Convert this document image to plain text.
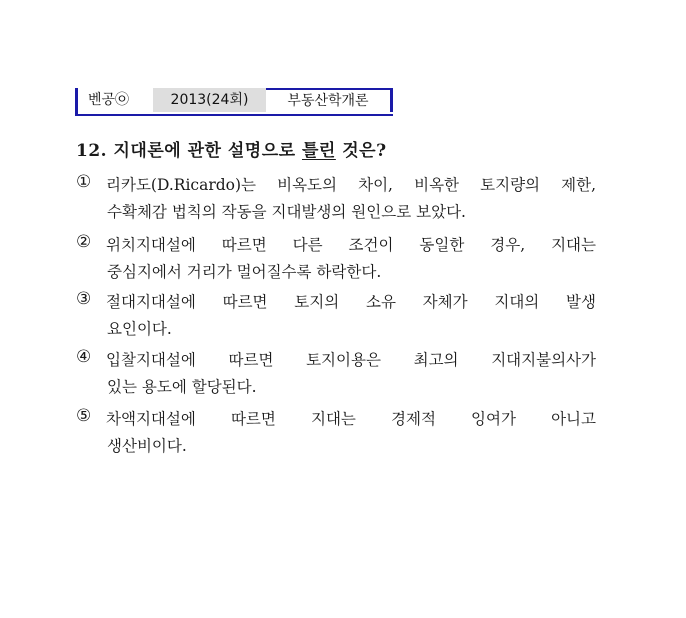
벤공㉧	2013(24회)	부동산학개론
12. 지대론에 관한 설명으로 틀린 것은?
① 리카도(D.Ricardo)는 비옥도의 차이, 비옥한 토지량의 제한,
수확체감 법칙의 작동을 지대발생의 원인으로 보았다.
② 위치지대설에 따르면 다른 조건이 동일한 경우, 지대는
중심지에서 거리가 멀어질수록 하락한다.
③ 절대지대설에 따르면 토지의 소유 자체가 지대의 발생
요인이다.
④ 입찰지대설에 따르면 토지이용은 최고의 지대지불의사가
있는 용도에 할당된다.
⑤ 차액지대설에 따르면 지대는 경제적 잉여가 아니고
생산비이다.
